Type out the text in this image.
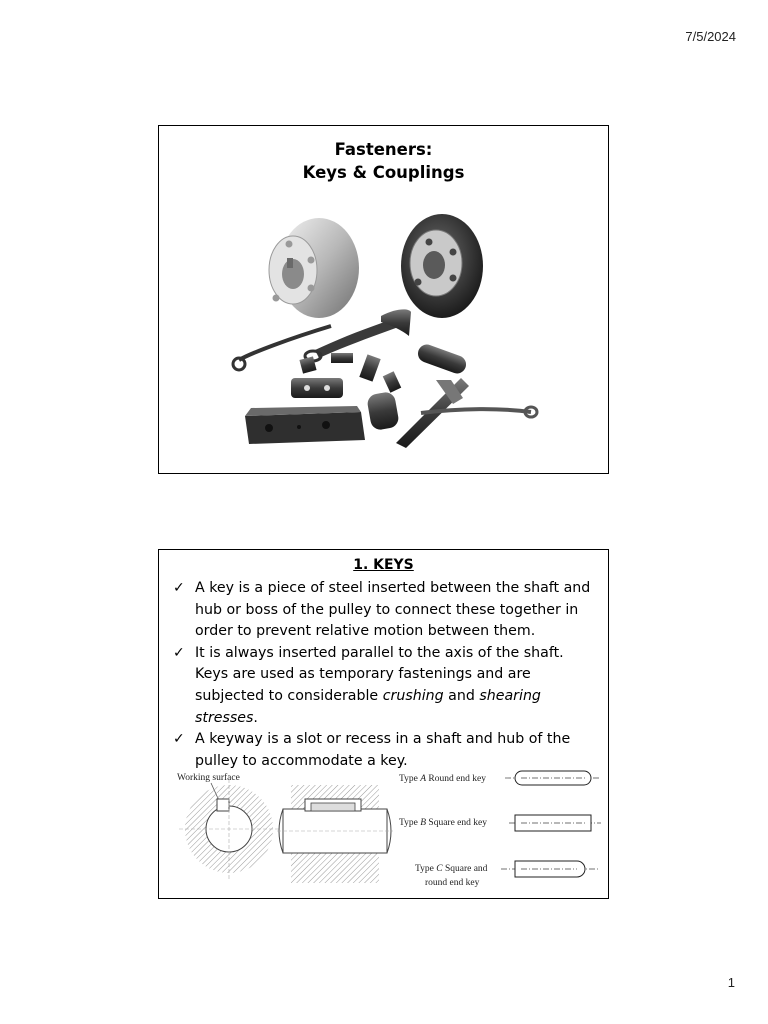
7/5/2024
Fasteners:
Keys & Couplings
1. KEYS
✓ A key is a piece of steel inserted between the shaft and hub or boss of the pulley to connect these together in order to prevent relative motion between them.
✓ It is always inserted parallel to the axis of the shaft. Keys are used as temporary fastenings and are subjected to considerable crushing and shearing stresses.
✓ A keyway is a slot or recess in a shaft and hub of the pulley to accommodate a key.
Working surface	Type A Round end key
Type B Square end key
Type C Square and
round end key
1
